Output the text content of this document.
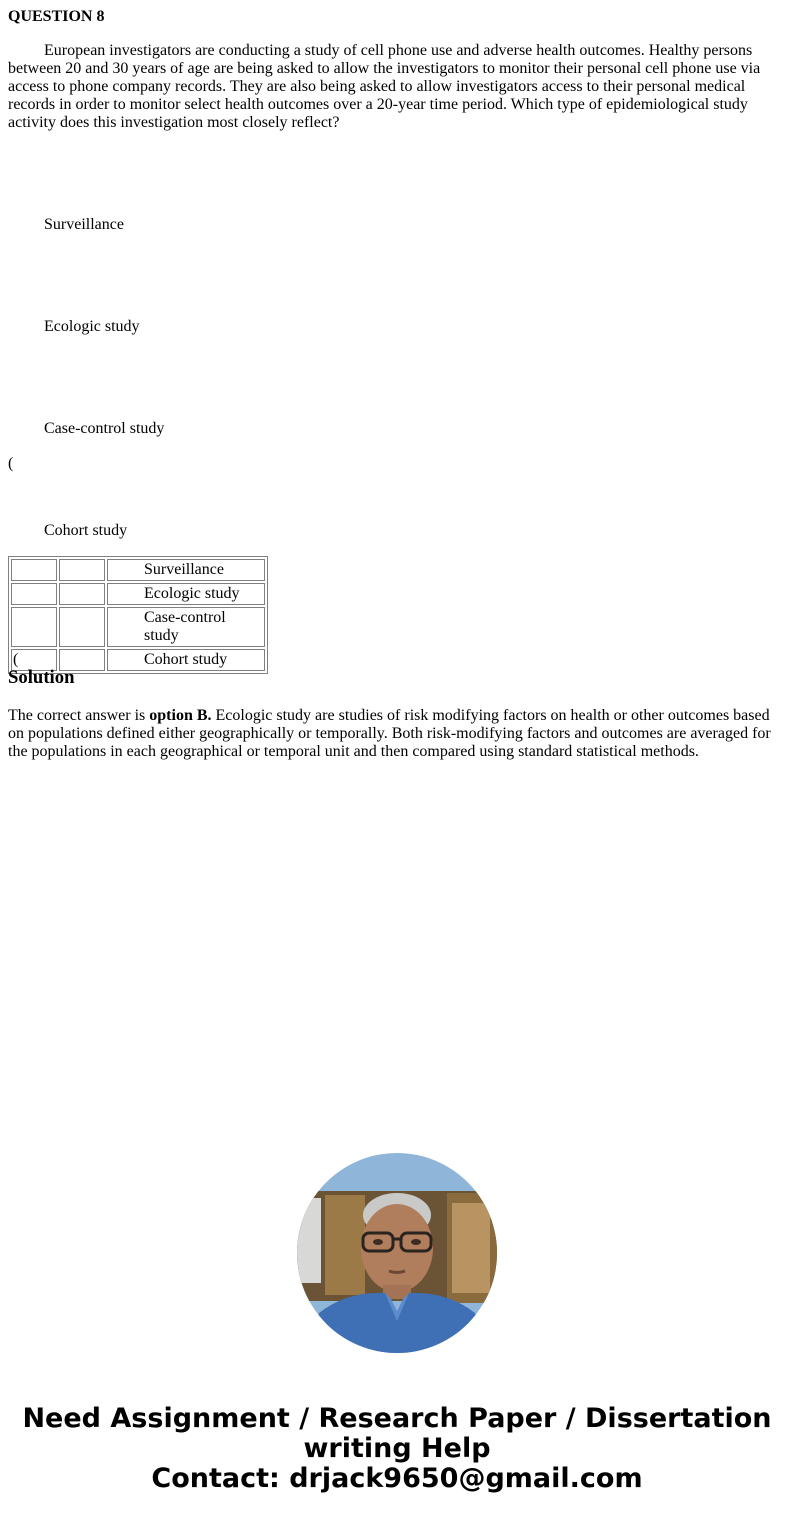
QUESTION 8

European investigators are conducting a study of cell phone use and adverse health outcomes. Healthy persons between 20 and 30 years of age are being asked to allow the investigators to monitor their personal cell phone use via access to phone company records. They are also being asked to allow investigators access to their personal medical records in order to monitor select health outcomes over a 20-year time period. Which type of epidemiological study activity does this investigation most closely reflect?

Surveillance

Ecologic study

Case-control study

(

Cohort study

		Surveillance
		Ecologic study
		Case-control study
(		Cohort study
Solution

The correct answer is option B. Ecologic study are studies of risk modifying factors on health or other outcomes based on populations defined either geographically or temporally. Both risk-modifying factors and outcomes are averaged for the populations in each geographical or temporal unit and then compared using standard statistical methods.

Need Assignment / Research Paper / Dissertation
writing Help
Contact: drjack9650@gmail.com
